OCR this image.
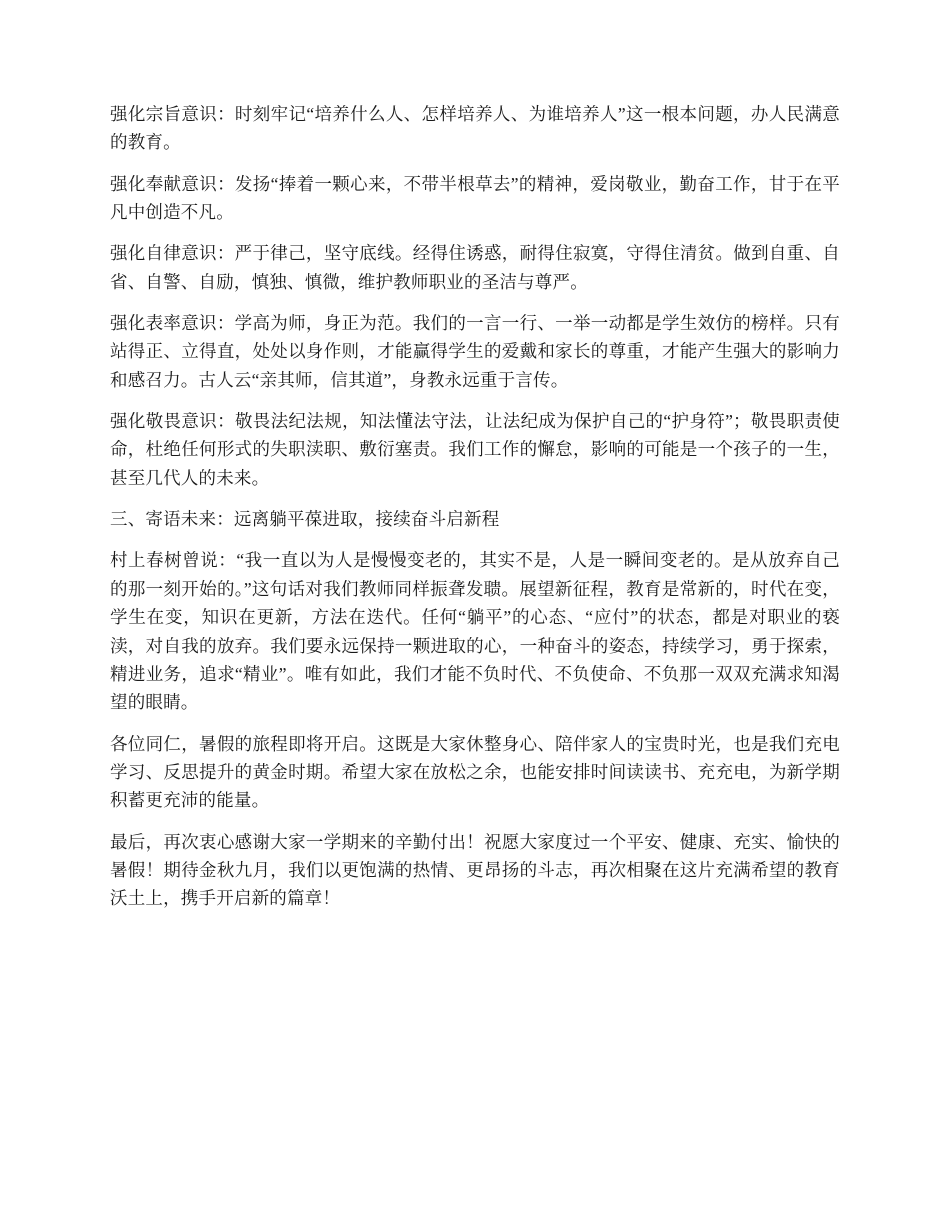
强化宗旨意识：时刻牢记“培养什么人、怎样培养人、为谁培养人”这一根本问题，办人民满意的教育。

强化奉献意识：发扬“捧着一颗心来，不带半根草去”的精神，爱岗敬业，勤奋工作，甘于在平凡中创造不凡。

强化自律意识：严于律己，坚守底线。经得住诱惑，耐得住寂寞，守得住清贫。做到自重、自省、自警、自励，慎独、慎微，维护教师职业的圣洁与尊严。

强化表率意识：学高为师，身正为范。我们的一言一行、一举一动都是学生效仿的榜样。只有站得正、立得直，处处以身作则，才能赢得学生的爱戴和家长的尊重，才能产生强大的影响力和感召力。古人云“亲其师，信其道”，身教永远重于言传。

强化敬畏意识：敬畏法纪法规，知法懂法守法，让法纪成为保护自己的“护身符”；敬畏职责使命，杜绝任何形式的失职渎职、敷衍塞责。我们工作的懈怠，影响的可能是一个孩子的一生，甚至几代人的未来。

三、寄语未来：远离躺平葆进取，接续奋斗启新程

村上春树曾说：“我一直以为人是慢慢变老的，其实不是，人是一瞬间变老的。是从放弃自己的那一刻开始的。”这句话对我们教师同样振聋发聩。展望新征程，教育是常新的，时代在变，学生在变，知识在更新，方法在迭代。任何“躺平”的心态、“应付”的状态，都是对职业的亵渎，对自我的放弃。我们要永远保持一颗进取的心，一种奋斗的姿态，持续学习，勇于探索，精进业务，追求“精业”。唯有如此，我们才能不负时代、不负使命、不负那一双双充满求知渴望的眼睛。

各位同仁，暑假的旅程即将开启。这既是大家休整身心、陪伴家人的宝贵时光，也是我们充电学习、反思提升的黄金时期。希望大家在放松之余，也能安排时间读读书、充充电，为新学期积蓄更充沛的能量。

最后，再次衷心感谢大家一学期来的辛勤付出！祝愿大家度过一个平安、健康、充实、愉快的暑假！期待金秋九月，我们以更饱满的热情、更昂扬的斗志，再次相聚在这片充满希望的教育沃土上，携手开启新的篇章！
